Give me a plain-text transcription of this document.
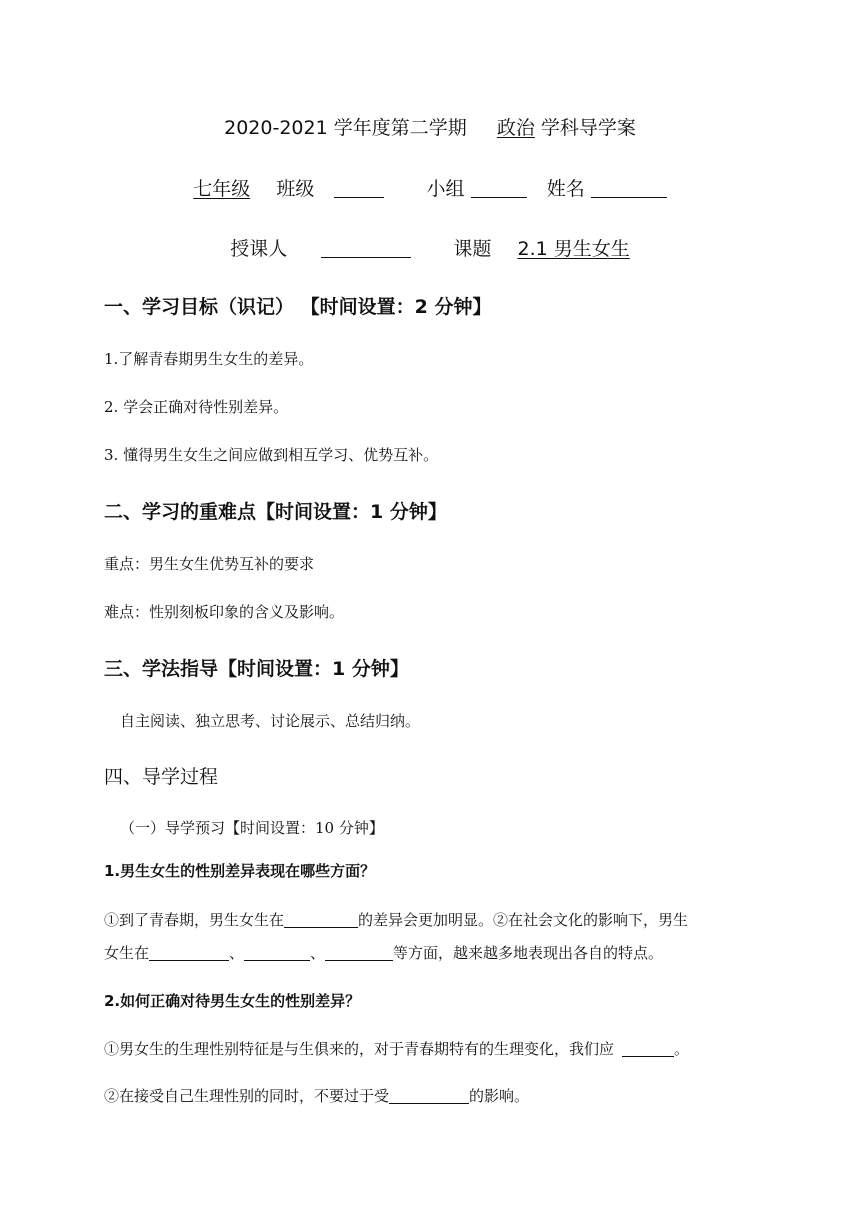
2020-2021 学年度第二学期 政治 学科导学案
七年级 班级	小组	姓名
授课人	课题 2.1 男生女生
一、学习目标（识记） 【时间设置：2 分钟】
1.了解青春期男生女生的差异。
2. 学会正确对待性别差异。
3. 懂得男生女生之间应做到相互学习、优势互补。
二、学习的重难点【时间设置：1 分钟】
重点：男生女生优势互补的要求
难点：性别刻板印象的含义及影响。
三、学法指导【时间设置：1 分钟】
自主阅读、独立思考、讨论展示、总结归纳。
四、导学过程
（一）导学预习【时间设置：10 分钟】
1.男生女生的性别差异表现在哪些方面？
①到了青春期，男生女生在	的差异会更加明显。②在社会文化的影响下，男生
女生在	、	、	等方面，越来越多地表现出各自的特点。
2.如何正确对待男生女生的性别差异？
①男女生的生理性别特征是与生俱来的，对于青春期特有的生理变化，我们应	。
②在接受自己生理性别的同时，不要过于受	的影响。
